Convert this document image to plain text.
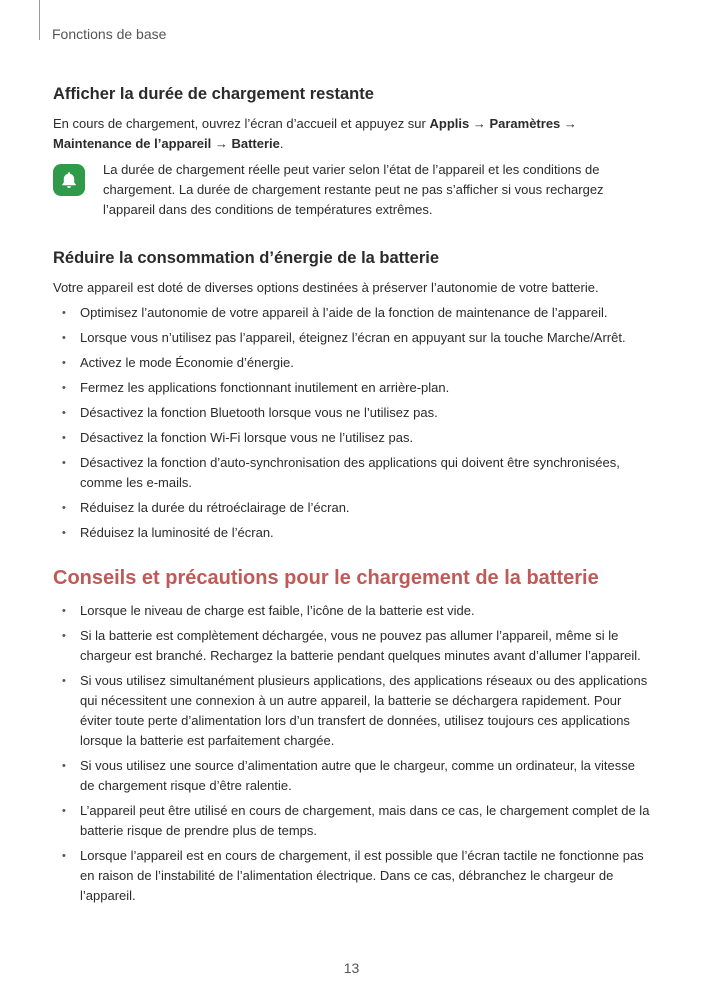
Fonctions de base
Afficher la durée de chargement restante

En cours de chargement, ouvrez l’écran d’accueil et appuyez sur Applis → Paramètres → Maintenance de l’appareil → Batterie.

La durée de chargement réelle peut varier selon l’état de l’appareil et les conditions de chargement. La durée de chargement restante peut ne pas s’afficher si vous rechargez l’appareil dans des conditions de températures extrêmes.
Réduire la consommation d’énergie de la batterie

Votre appareil est doté de diverses options destinées à préserver l’autonomie de votre batterie.

• Optimisez l’autonomie de votre appareil à l’aide de la fonction de maintenance de l’appareil.
• Lorsque vous n’utilisez pas l’appareil, éteignez l’écran en appuyant sur la touche Marche/Arrêt.
• Activez le mode Économie d’énergie.
• Fermez les applications fonctionnant inutilement en arrière-plan.
• Désactivez la fonction Bluetooth lorsque vous ne l’utilisez pas.
• Désactivez la fonction Wi-Fi lorsque vous ne l’utilisez pas.
• Désactivez la fonction d’auto-synchronisation des applications qui doivent être synchronisées, comme les e-mails.
• Réduisez la durée du rétroéclairage de l’écran.
• Réduisez la luminosité de l’écran.
Conseils et précautions pour le chargement de la batterie
• Lorsque le niveau de charge est faible, l’icône de la batterie est vide.
• Si la batterie est complètement déchargée, vous ne pouvez pas allumer l’appareil, même si le chargeur est branché. Rechargez la batterie pendant quelques minutes avant d’allumer l’appareil.
• Si vous utilisez simultanément plusieurs applications, des applications réseaux ou des applications qui nécessitent une connexion à un autre appareil, la batterie se déchargera rapidement. Pour éviter toute perte d’alimentation lors d’un transfert de données, utilisez toujours ces applications lorsque la batterie est parfaitement chargée.
• Si vous utilisez une source d’alimentation autre que le chargeur, comme un ordinateur, la vitesse de chargement risque d’être ralentie.
• L’appareil peut être utilisé en cours de chargement, mais dans ce cas, le chargement complet de la batterie risque de prendre plus de temps.
• Lorsque l’appareil est en cours de chargement, il est possible que l’écran tactile ne fonctionne pas en raison de l’instabilité de l’alimentation électrique. Dans ce cas, débranchez le chargeur de l’appareil.
13
